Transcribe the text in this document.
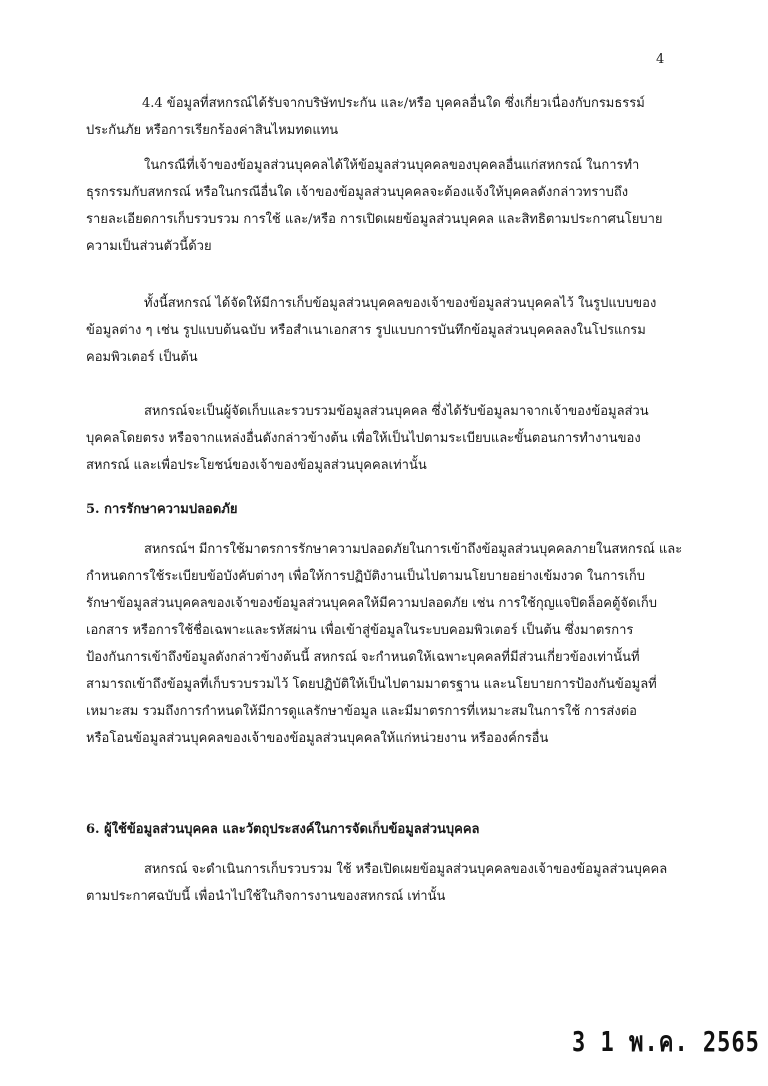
4
4.4 ข้อมูลที่สหกรณ์ได้รับจากบริษัทประกัน และ/หรือ บุคคลอื่นใด ซึ่งเกี่ยวเนื่องกับกรมธรรม์
ประกันภัย หรือการเรียกร้องค่าสินไหมทดแทน
ในกรณีที่เจ้าของข้อมูลส่วนบุคคลได้ให้ข้อมูลส่วนบุคคลของบุคคลอื่นแก่สหกรณ์ ในการทำ
ธุรกรรมกับสหกรณ์ หรือในกรณีอื่นใด เจ้าของข้อมูลส่วนบุคคลจะต้องแจ้งให้บุคคลดังกล่าวทราบถึง
รายละเอียดการเก็บรวบรวม การใช้ และ/หรือ การเปิดเผยข้อมูลส่วนบุคคล และสิทธิตามประกาศนโยบาย
ความเป็นส่วนตัวนี้ด้วย
ทั้งนี้สหกรณ์ ได้จัดให้มีการเก็บข้อมูลส่วนบุคคลของเจ้าของข้อมูลส่วนบุคคลไว้ ในรูปแบบของ
ข้อมูลต่าง ๆ เช่น รูปแบบต้นฉบับ หรือสำเนาเอกสาร รูปแบบการบันทึกข้อมูลส่วนบุคคลลงในโปรแกรม
คอมพิวเตอร์ เป็นต้น
สหกรณ์จะเป็นผู้จัดเก็บและรวบรวมข้อมูลส่วนบุคคล ซึ่งได้รับข้อมูลมาจากเจ้าของข้อมูลส่วน
บุคคลโดยตรง หรือจากแหล่งอื่นดังกล่าวข้างต้น เพื่อให้เป็นไปตามระเบียบและขั้นตอนการทำงานของ
สหกรณ์ และเพื่อประโยชน์ของเจ้าของข้อมูลส่วนบุคคลเท่านั้น
5. การรักษาความปลอดภัย
สหกรณ์ฯ มีการใช้มาตรการรักษาความปลอดภัยในการเข้าถึงข้อมูลส่วนบุคคลภายในสหกรณ์ และ
กำหนดการใช้ระเบียบข้อบังคับต่างๆ เพื่อให้การปฏิบัติงานเป็นไปตามนโยบายอย่างเข้มงวด ในการเก็บ
รักษาข้อมูลส่วนบุคคลของเจ้าของข้อมูลส่วนบุคคลให้มีความปลอดภัย เช่น การใช้กุญแจปิดล็อคตู้จัดเก็บ
เอกสาร หรือการใช้ชื่อเฉพาะและรหัสผ่าน เพื่อเข้าสู่ข้อมูลในระบบคอมพิวเตอร์ เป็นต้น ซึ่งมาตรการ
ป้องกันการเข้าถึงข้อมูลดังกล่าวข้างต้นนี้ สหกรณ์ จะกำหนดให้เฉพาะบุคคลที่มีส่วนเกี่ยวข้องเท่านั้นที่
สามารถเข้าถึงข้อมูลที่เก็บรวบรวมไว้ โดยปฏิบัติให้เป็นไปตามมาตรฐาน และนโยบายการป้องกันข้อมูลที่
เหมาะสม รวมถึงการกำหนดให้มีการดูแลรักษาข้อมูล และมีมาตรการที่เหมาะสมในการใช้ การส่งต่อ
หรือโอนข้อมูลส่วนบุคคลของเจ้าของข้อมูลส่วนบุคคลให้แก่หน่วยงาน หรือองค์กรอื่น
6. ผู้ใช้ข้อมูลส่วนบุคคล และวัตถุประสงค์ในการจัดเก็บข้อมูลส่วนบุคคล
สหกรณ์ จะดำเนินการเก็บรวบรวม ใช้ หรือเปิดเผยข้อมูลส่วนบุคคลของเจ้าของข้อมูลส่วนบุคคล
ตามประกาศฉบับนี้ เพื่อนำไปใช้ในกิจการงานของสหกรณ์ เท่านั้น
3 1 พ.ค. 2565
